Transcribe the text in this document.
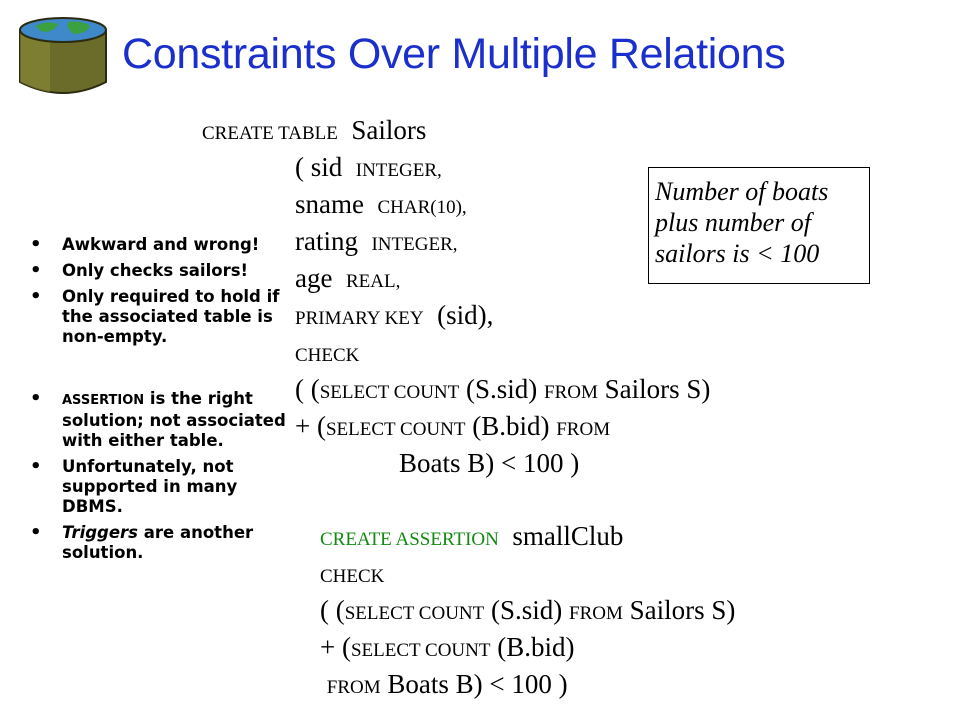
Constraints Over Multiple Relations
CREATE TABLE Sailors
( sid INTEGER,
sname CHAR(10),
rating INTEGER,
age REAL,
PRIMARY KEY (sid),
CHECK
( (SELECT COUNT (S.sid) FROM Sailors S)
+ (SELECT COUNT (B.bid) FROM
Boats B) < 100 )
Number of boats
plus number of
sailors is < 100
CREATE ASSERTION smallClub
CHECK
( (SELECT COUNT (S.sid) FROM Sailors S)
+ (SELECT COUNT (B.bid)
FROM Boats B) < 100 )
• Awkward and wrong!
• Only checks sailors!
• Only required to hold if the associated table is non-empty.
• ASSERTION is the right solution; not associated with either table.
• Unfortunately, not supported in many DBMS.
• Triggers are another solution.
